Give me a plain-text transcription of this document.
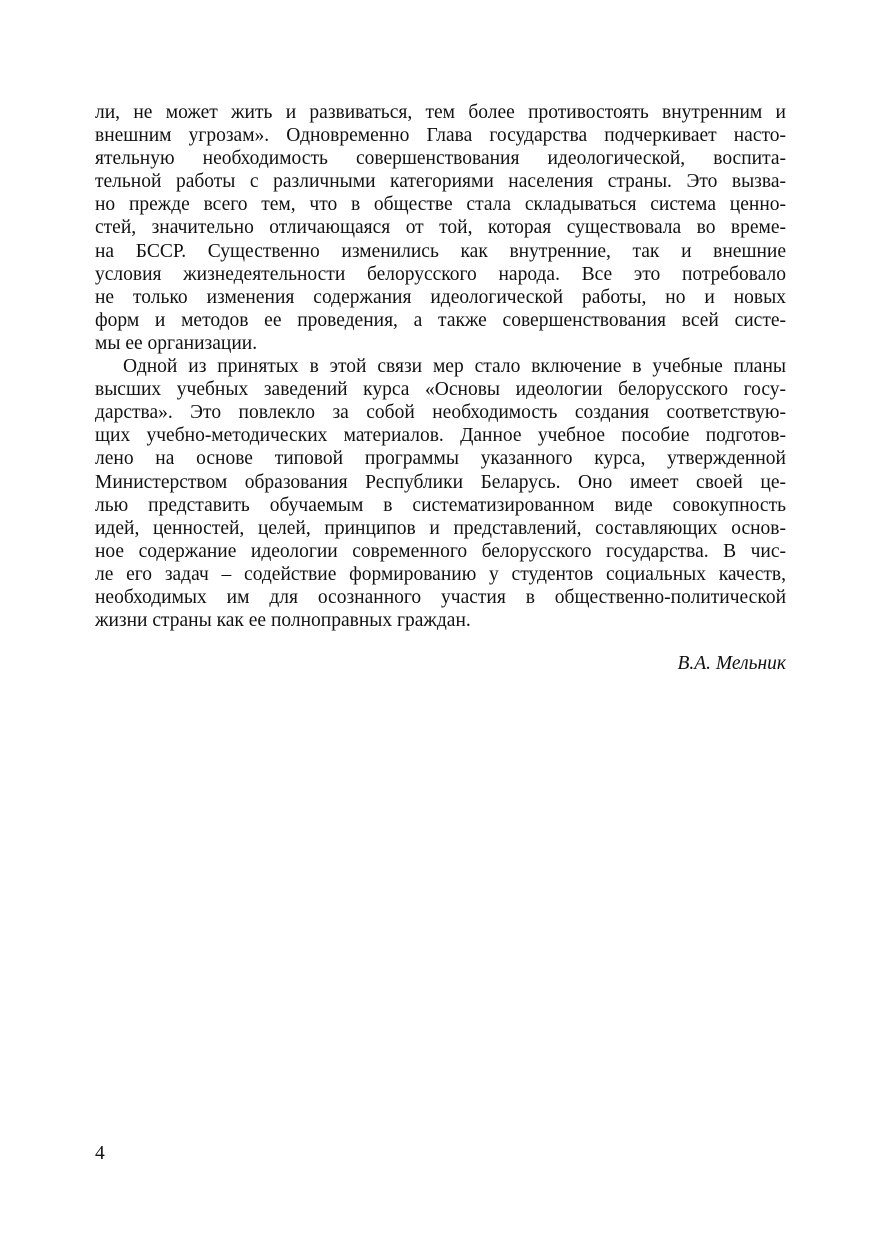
ли, не может жить и развиваться, тем более противостоять внутренним и
внешним угрозам». Одновременно Глава государства подчеркивает насто-
ятельную необходимость совершенствования идеологической, воспита-
тельной работы с различными категориями населения страны. Это вызва-
но прежде всего тем, что в обществе стала складываться система ценно-
стей, значительно отличающаяся от той, которая существовала во време-
на БССР. Существенно изменились как внутренние, так и внешние
условия жизнедеятельности белорусского народа. Все это потребовало
не только изменения содержания идеологической работы, но и новых
форм и методов ее проведения, а также совершенствования всей систе-
мы ее организации.
Одной из принятых в этой связи мер стало включение в учебные планы
высших учебных заведений курса «Основы идеологии белорусского госу-
дарства». Это повлекло за собой необходимость создания соответствую-
щих учебно-методических материалов. Данное учебное пособие подготов-
лено на основе типовой программы указанного курса, утвержденной
Министерством образования Республики Беларусь. Оно имеет своей це-
лью представить обучаемым в систематизированном виде совокупность
идей, ценностей, целей, принципов и представлений, составляющих основ-
ное содержание идеологии современного белорусского государства. В чис-
ле его задач – содействие формированию у студентов социальных качеств,
необходимых им для осознанного участия в общественно-политической
жизни страны как ее полноправных граждан.
В.А. Мельник
4
